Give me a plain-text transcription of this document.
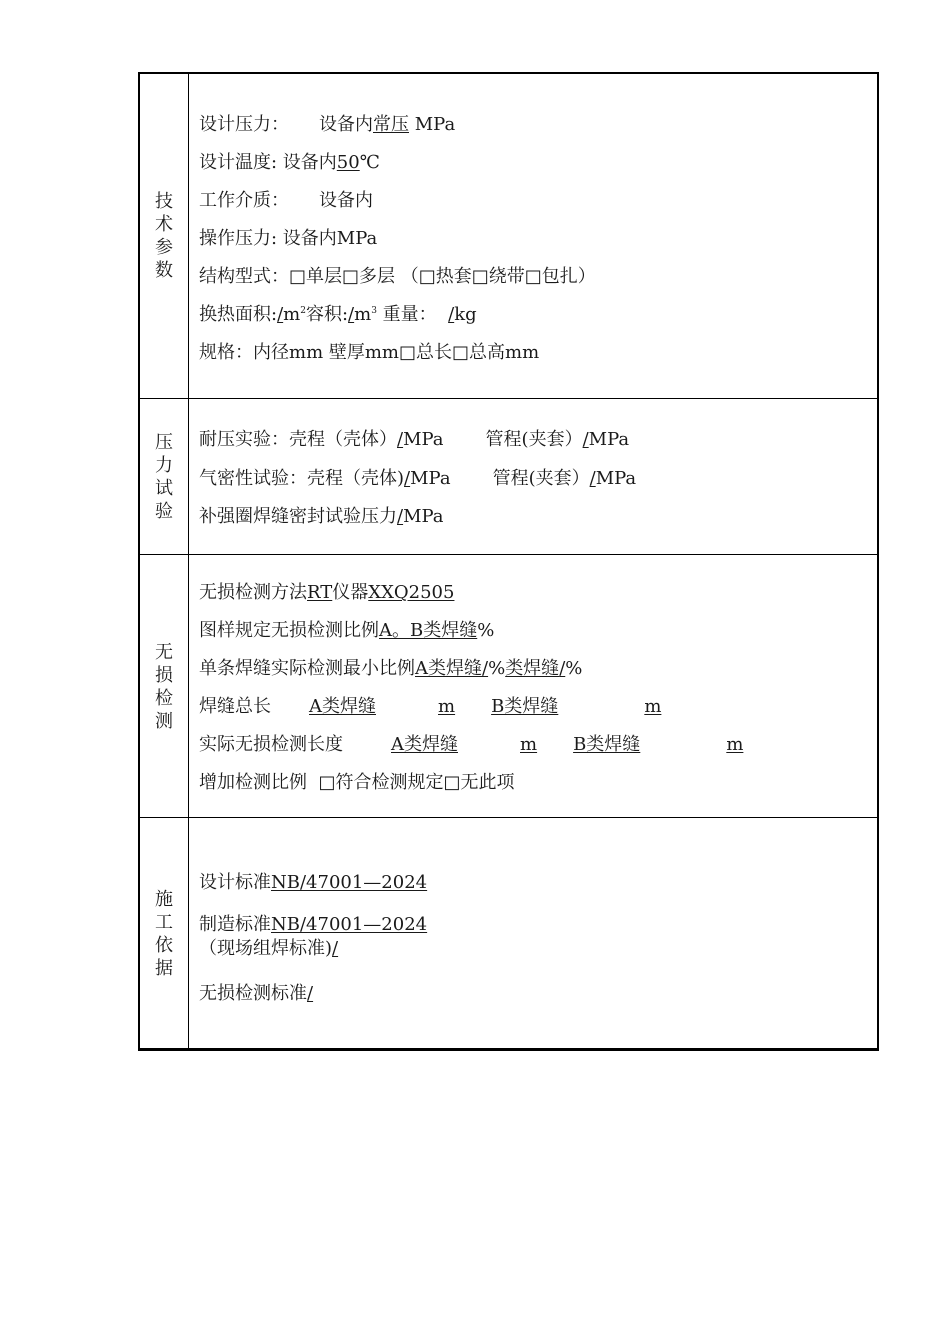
技
术
参
数
设计压力： 设备内常压 MPa
设计温度: 设备内50℃
工作介质： 设备内
操作压力: 设备内MPa
结构型式：□单层□多层 （□热套□绕带□包扎）
换热面积$:/m^2$容积$:/m^3$ 重量：  /kg
规格：内径mm 壁厚mm□总长□总高mm
压
力
试
验
耐压实验：壳程（壳体）/MPa 管程(夹套）/MPa
气密性试验：壳程（壳体)/MPa 管程(夹套）/MPa
补强圈焊缝密封试验压力/MPa
无
损
检
测
无损检测方法RT仪器XXQ2505
图样规定无损检测比例A。B类焊缝%
单条焊缝实际检测最小比例A类焊缝/%类焊缝/%
焊缝总长 A类焊缝	m B类焊缝	m
实际无损检测长度	A类焊缝	m B类焊缝	m
增加检测比例  □符合检测规定□无此项
施
工
依
据
设计标准NB/47001—2024
制造标准NB/47001—2024
（现场组焊标准)/
无损检测标准/
